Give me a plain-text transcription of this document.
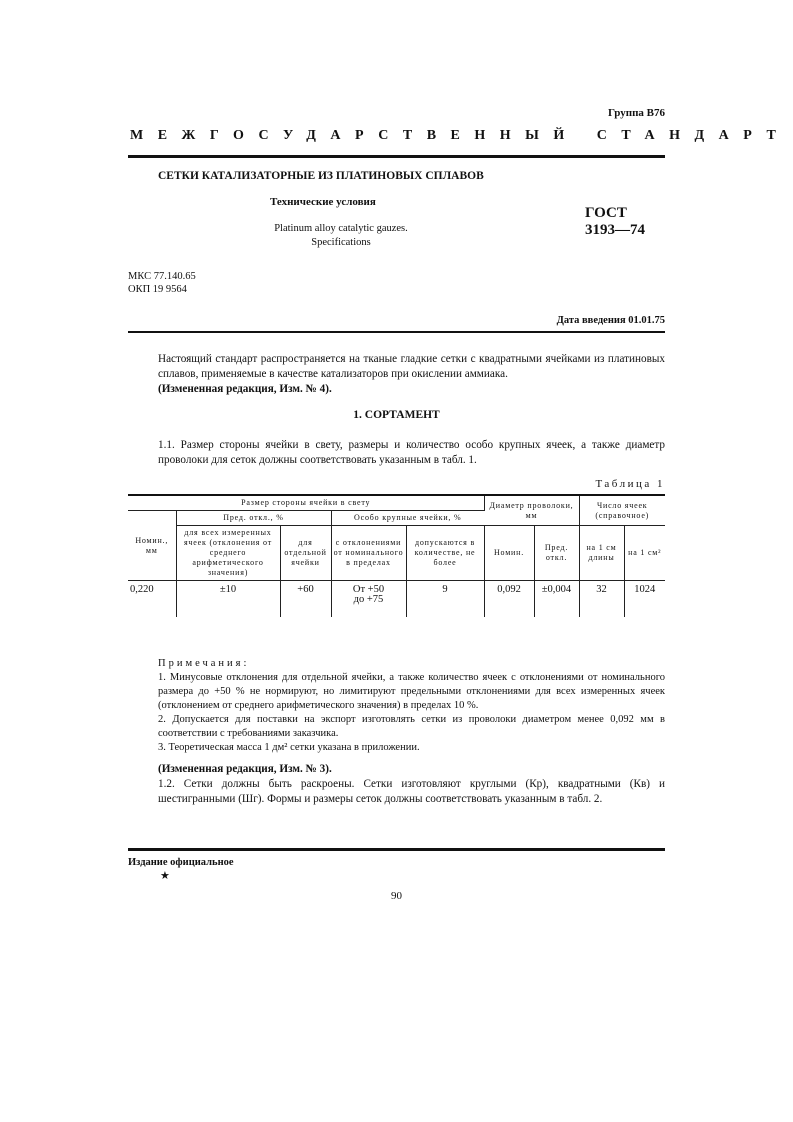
Группа В76
МЕЖГОСУДАРСТВЕННЫЙ СТАНДАРТ
СЕТКИ КАТАЛИЗАТОРНЫЕ ИЗ ПЛАТИНОВЫХ СПЛАВОВ
Технические условия
Platinum alloy catalytic gauzes.
Specifications
ГОСТ
3193—74
МКС 77.140.65
ОКП 19 9564
Дата введения 01.01.75
Настоящий стандарт распространяется на тканые гладкие сетки с квадратными ячейками из платиновых сплавов, применяемые в качестве катализаторов при окислении аммиака.
(Измененная редакция, Изм. № 4).
1. СОРТАМЕНТ
1.1. Размер стороны ячейки в свету, размеры и количество особо крупных ячеек, а также диаметр проволоки для сеток должны соответствовать указанным в табл. 1.
Таблица 1
Размер стороны ячейки в свету					Диаметр проволоки, мм		Число ячеек (справочное)	
Номин., мм	Пред. откл., %		Особо крупные ячейки, %					
	для всех измеренных ячеек (отклонения от среднего арифметического значения)	для отдельной ячейки	с отклонениями от номинального в пределах	допускаются в количестве, не более	Номин.	Пред. откл.	на 1 см длины	на 1 см²

0,220	±10	+60	От +50
до +75	9	0,092	±0,004	32	1024
Примечания:
1. Минусовые отклонения для отдельной ячейки, а также количество ячеек с отклонениями от номинального размера до +50 % не нормируют, но лимитируют предельными отклонениями для всех измеренных ячеек (отклонением от среднего арифметического значения) в пределах 10 %.
2. Допускается для поставки на экспорт изготовлять сетки из проволоки диаметром менее 0,092 мм в соответствии с требованиями заказчика.
3. Теоретическая масса 1 дм² сетки указана в приложении.
(Измененная редакция, Изм. № 3).
1.2. Сетки должны быть раскроены. Сетки изготовляют круглыми (Кр), квадратными (Кв) и шестигранными (Шг). Формы и размеры сеток должны соответствовать указанным в табл. 2.
Издание официальное
★
90
